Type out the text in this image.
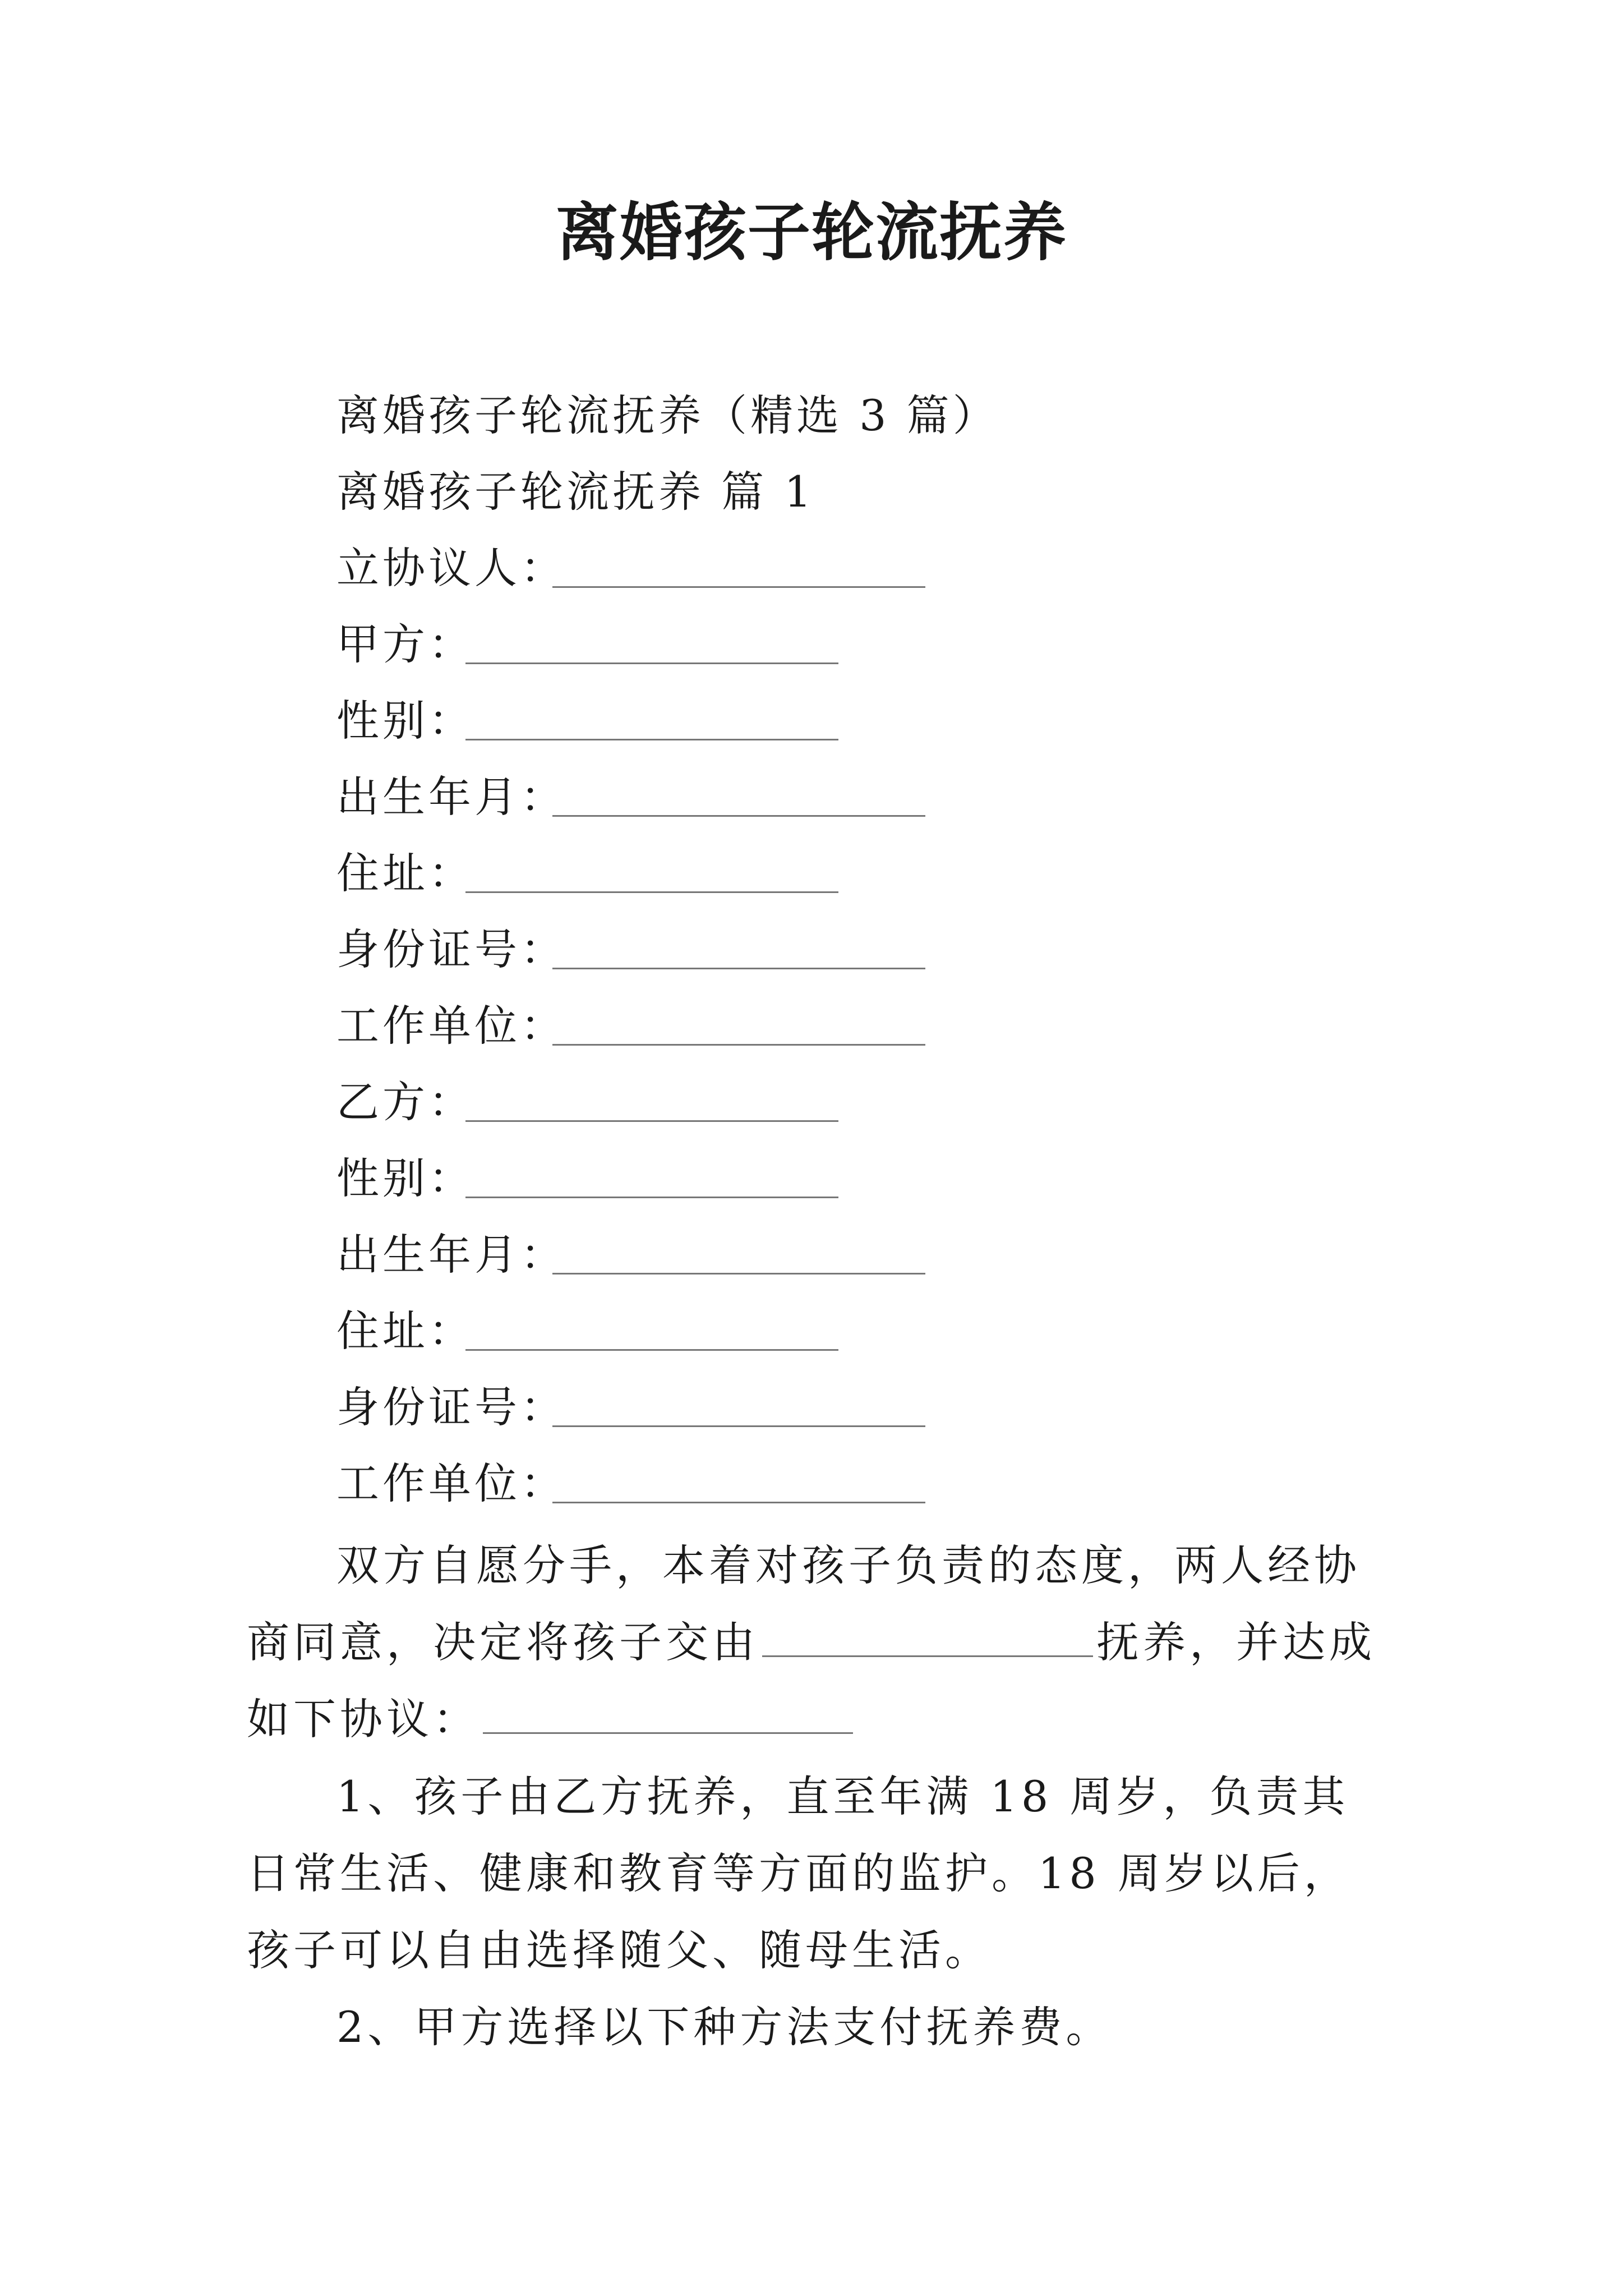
离婚孩子轮流抚养

离婚孩子轮流抚养（精选 3 篇）

离婚孩子轮流抚养 篇 1

立协议人：

甲方：

性别：

出生年月：

住址：

身份证号：

工作单位：

乙方：

性别：

出生年月：

住址：

身份证号：

工作单位：

双方自愿分手，本着对孩子负责的态度，两人经协商同意，决定将孩子交由	抚养，并达成如下协议：

1、孩子由乙方抚养，直至年满 18 周岁，负责其日常生活、健康和教育等方面的监护。18 周岁以后，孩子可以自由选择随父、随母生活。

2、甲方选择以下种方法支付抚养费。
